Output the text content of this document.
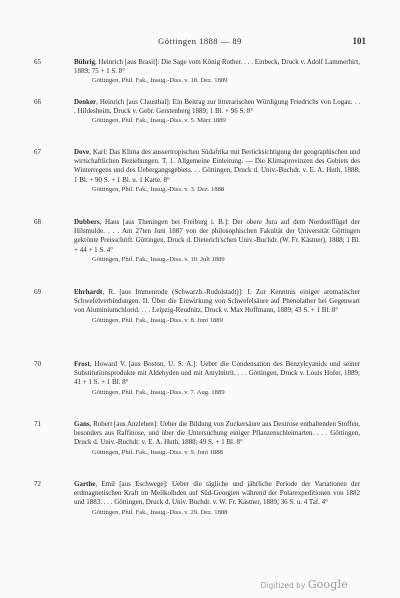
Göttingen 1888 — 89	101
65	Bührig, Heinrich [aus Brasil]: Die Sage vom König Rother. . . . Einbeck, Druck v. Adolf Lammerhirt, 1889; 75 + 1 S. 8°
Göttingen, Phil. Fak., Inaug.-Diss. v. 18. Dez. 1889
66	Denker, Heinrich [aus Clausthal]: Ein Beitrag zur litterarischen Würdigung Friedrichs von Logau. . . . Hildesheim, Druck v. Gebr. Gerstenberg 1889; 1 Bl. + 96 S. 8°
Göttingen, Phil. Fak., Inaug.-Diss. v. 5. März 1889
67	Dove, Karl: Das Klima des aussertropischen Südafrika mit Berücksichtigung der geographischen und wirtschaftlichen Beziehungen. T. 1. Allgemeine Einleitung. — Die Klimaprovinzen des Gebiets des Winterregens und des Uebergangsgebiets. . . Göttingen, Druck d. Univ.-Buchdr. v. E. A. Huth, 1888; 1 Bl. + 90 S. + 1 Bl. u. 1 Karte. 8°
Göttingen, Phil. Fak., Inaug.-Diss. v. 3. Dez. 1888
68	Dubbers, Hans [aus Theningen bei Freiburg i. B.]: Der obere Jura auf dem Nordostflügel der Hilsmulde. . . . Am 27ten Juni 1887 von der philosophischen Fakultät der Universität Göttingen gekrönte Preisschrift. Göttingen, Druck d. Dieterich'schen Univ.-Buchdr. (W. Fr. Kästner), 1888; 1 Bl. + 44 + 1 S. 4°
Göttingen, Phil. Fak., Inaug.-Diss. v. 10. Juli 1889
69	Ehrhardt, R. [aus Immenrode (Schwarzb.-Rudolstadt)]: I. Zur Kenntnis einiger aromatischer Schwefelverbindungen. II. Über die Einwirkung von Schwefelsäure auf Phenolather bei Gegenwart von Aluminiumchlorid. . . . Leipzig-Reudnitz, Druck v. Max Hoffmann, 1889; 43 S. + 1 Bl. 8°
Göttingen, Phil. Fak., Inaug.-Diss. v. 8. Juni 1889
70	Frost, Howard V. [aus Boston, U. S. A.]: Ueber die Condensation des Benzylcyanids und seiner Substitutionsprodukte mit Aldehyden und mit Amylnitrit. . . . Göttingen, Druck v. Louis Hofer, 1889; 41 + 1 S. + 1 Bl. 8°
Göttingen, Phil. Fak., Inaug.-Diss. v. 7. Aug. 1889
71	Gans, Robert [aus Anzleben]: Ueber die Bildung von Zuckersäure aus Dextrose enthaltenden Stoffen, besonders aus Raffinose, und über die Untersuchung einiger Pflanzenschleimarten. . . . Göttingen, Druck d. Univ.-Buchdr. v. E. A. Huth, 1888; 49 S. + 1 Bl. 8°
Göttingen, Phil. Fak., Inaug.-Diss. v. 9. Juni 1888
72	Garthe, Emil [aus Eschwege]: Ueber die tägliche und jährliche Periode der Variationen der erdmagnetischen Kraft im Meilkolhden auf Süd-Georgien während der Polarexpeditionen von 1882 und 1883. . . . Göttingen, Druck d. Univ. Buchdr. v. W. Fr. Kästner, 1889; 36 S. u. 4 Taf. 4°
Göttingen, Phil. Fak., Inaug.-Diss. v. 29. Dez. 1888
Digitized by Google
